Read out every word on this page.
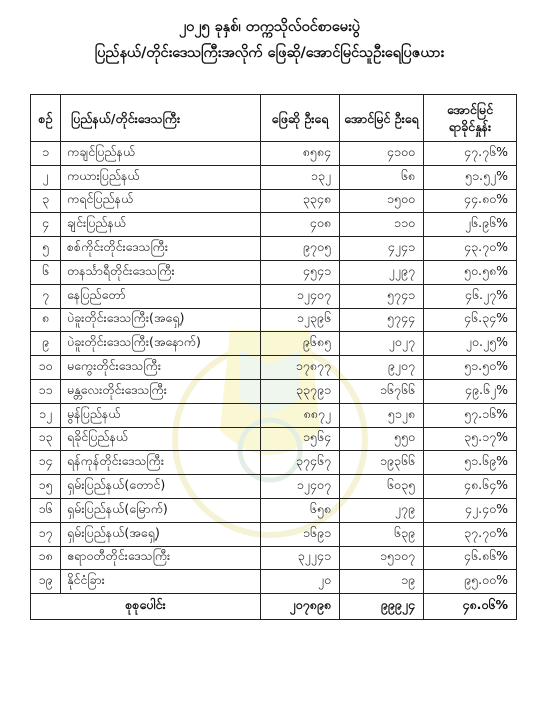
၂၀၂၅ ခုနှစ်၊ တက္ကသိုလ်ဝင်စာမေးပွဲ
ပြည်နယ်/တိုင်းဒေသကြီးအလိုက် ဖြေဆို/အောင်မြင်သူဦးရေပြဇယား
စဉ်	ပြည်နယ်/တိုင်းဒေသကြီး	ဖြေဆို ဦးရေ	အောင်မြင် ဦးရေ	အောင်မြင် ရာခိုင်နှုန်း
၁	ကချင်ပြည်နယ်	၈၅၈၄	၄၁၀၀	၄၇.၇၆%
၂	ကယားပြည်နယ်	၁၃၂	၆၈	၅၁.၅၂%
၃	ကရင်ပြည်နယ်	၃၃၄၈	၁၅၀၀	၄၄.၈၀%
၄	ချင်းပြည်နယ်	၄၀၈	၁၁၀	၂၆.၉၆%
၅	စစ်ကိုင်းတိုင်းဒေသကြီး	၉၇၀၅	၄၂၄၁	၄၃.၇၀%
၆	တနင်္သာရီတိုင်းဒေသကြီး	၄၅၄၁	၂၂၉၇	၅၀.၅၈%
၇	နေပြည်တော်	၁၂၄၀၇	၅၇၄၁	၄၆.၂၇%
၈	ပဲခူးတိုင်းဒေသကြီး(အရှေ့)	၁၂၃၉၆	၅၇၄၄	၄၆.၃၄%
၉	ပဲခူးတိုင်းဒေသကြီး(အနောက်)	၉၆၈၅	၂၀၂၇	၂၀.၂၅%
၁၀	မကွေးတိုင်းဒေသကြီး	၁၇၈၇၇	၉၂၀၇	၅၁.၅၀%
၁၁	မန္တလေးတိုင်းဒေသကြီး	၃၃၇၉၁	၁၆၇၆၆	၄၉.၆၂%
၁၂	မွန်ပြည်နယ်	၈၈၇၂	၅၁၂၈	၅၇.၁၆%
၁၃	ရခိုင်ပြည်နယ်	၁၅၆၄	၅၅၀	၃၅.၁၇%
၁၄	ရန်ကုန်တိုင်းဒေသကြီး	၃၇၄၆၇	၁၉၃၆၆	၅၁.၆၉%
၁၅	ရှမ်းပြည်နယ်(တောင်)	၁၂၄၀၇	၆၀၃၅	၄၈.၆၄%
၁၆	ရှမ်းပြည်နယ်(မြောက်)	၆၅၈	၂၇၉	၄၂.၄၀%
၁၇	ရှမ်းပြည်နယ်(အရှေ့)	၁၆၉၁	၆၃၉	၃၇.၇၀%
၁၈	ဧရာဝတီတိုင်းဒေသကြီး	၃၂၂၄၁	၁၅၁၀၇	၄၆.၈၆%
၁၉	နိုင်ငံခြား	၂၀	၁၉	၉၅.၀၀%
စုစုပေါင်း		၂၀၇၈၉၈	၉၉၉၂၄	၄၈.၀၆%
